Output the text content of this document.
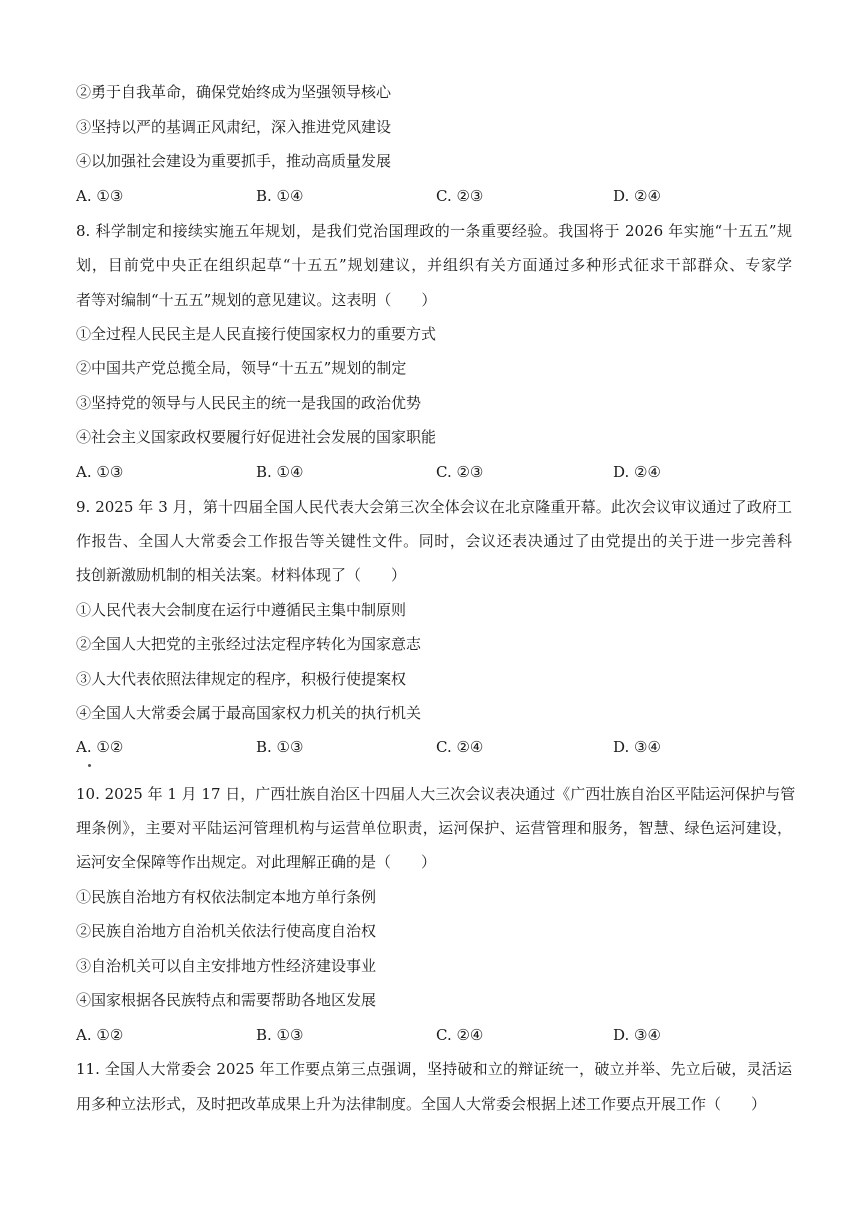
②勇于自我革命，确保党始终成为坚强领导核心
③坚持以严的基调正风肃纪，深入推进党风建设
④以加强社会建设为重要抓手，推动高质量发展
A. ①③	B. ①④	C. ②③	D. ②④
8. 科学制定和接续实施五年规划，是我们党治国理政的一条重要经验。我国将于 2026 年实施“十五五”规
划，目前党中央正在组织起草“十五五”规划建议，并组织有关方面通过多种形式征求干部群众、专家学
者等对编制“十五五”规划的意见建议。这表明（　　）
①全过程人民民主是人民直接行使国家权力的重要方式
②中国共产党总揽全局，领导“十五五”规划的制定
③坚持党的领导与人民民主的统一是我国的政治优势
④社会主义国家政权要履行好促进社会发展的国家职能
A. ①③	B. ①④	C. ②③	D. ②④
9. 2025 年 3 月，第十四届全国人民代表大会第三次全体会议在北京隆重开幕。此次会议审议通过了政府工
作报告、全国人大常委会工作报告等关键性文件。同时，会议还表决通过了由党提出的关于进一步完善科
技创新激励机制的相关法案。材料体现了（　　）
①人民代表大会制度在运行中遵循民主集中制原则
②全国人大把党的主张经过法定程序转化为国家意志
③人大代表依照法律规定的程序，积极行使提案权
④全国人大常委会属于最高国家权力机关的执行机关
A. ①②	B. ①③	C. ②④	D. ③④
10. 2025 年 1 月 17 日，广西壮族自治区十四届人大三次会议表决通过《广西壮族自治区平陆运河保护与管
理条例》，主要对平陆运河管理机构与运营单位职责，运河保护、运营管理和服务，智慧、绿色运河建设，
运河安全保障等作出规定。对此理解正确的是（　　）
①民族自治地方有权依法制定本地方单行条例
②民族自治地方自治机关依法行使高度自治权
③自治机关可以自主安排地方性经济建设事业
④国家根据各民族特点和需要帮助各地区发展
A. ①②	B. ①③	C. ②④	D. ③④
11. 全国人大常委会 2025 年工作要点第三点强调，坚持破和立的辩证统一，破立并举、先立后破，灵活运
用多种立法形式，及时把改革成果上升为法律制度。全国人大常委会根据上述工作要点开展工作（　　）
